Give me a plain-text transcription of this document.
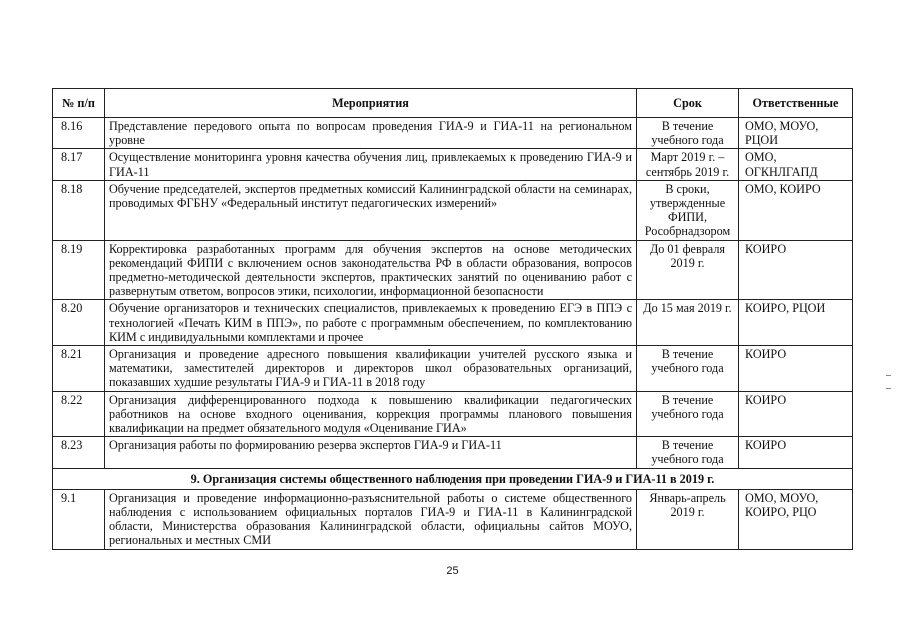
№ п/п	Мероприятия	Срок	Ответственные
8.16	Представление передового опыта по вопросам проведения ГИА-9 и ГИА-11 на региональном уровне	В течение учебного года	ОМО, МОУО, РЦОИ
8.17	Осуществление мониторинга уровня качества обучения лиц, привлекаемых к проведению ГИА-9 и ГИА-11	Март 2019 г. – сентябрь 2019 г.	ОМО, ОГКНЛГАПД
8.18	Обучение председателей, экспертов предметных комиссий Калининградской области на семинарах, проводимых ФГБНУ «Федеральный институт педагогических измерений»	В сроки, утвержденные ФИПИ, Рособрнадзором	ОМО, КОИРО
8.19	Корректировка разработанных программ для обучения экспертов на основе методических рекомендаций ФИПИ с включением основ законодательства РФ в области образования, вопросов предметно-методической деятельности экспертов, практических занятий по оцениванию работ с развернутым ответом, вопросов этики, психологии, информационной безопасности	До 01 февраля 2019 г.	КОИРО
8.20	Обучение организаторов и технических специалистов, привлекаемых к проведению ЕГЭ в ППЭ с технологией «Печать КИМ в ППЭ», по работе с программным обеспечением, по комплектованию КИМ с индивидуальными комплектами и прочее	До 15 мая 2019 г.	КОИРО, РЦОИ
8.21	Организация и проведение адресного повышения квалификации учителей русского языка и математики, заместителей директоров и директоров школ образовательных организаций, показавших худшие результаты ГИА-9 и ГИА-11 в 2018 году	В течение учебного года	КОИРО
8.22	Организация дифференцированного подхода к повышению квалификации педагогических работников на основе входного оценивания, коррекция программы планового повышения квалификации на предмет обязательного модуля «Оценивание ГИА»	В течение учебного года	КОИРО
8.23	Организация работы по формированию резерва экспертов ГИА-9 и ГИА-11	В течение учебного года	КОИРО
9. Организация системы общественного наблюдения при проведении ГИА-9 и ГИА-11 в 2019 г.			
9.1	Организация и проведение информационно-разъяснительной работы о системе общественного наблюдения с использованием официальных порталов ГИА-9 и ГИА-11 в Калининградской области, Министерства образования Калининградской области, официальны сайтов МОУО, региональных и местных СМИ	Январь-апрель 2019 г.	ОМО, МОУО, КОИРО, РЦО
25
